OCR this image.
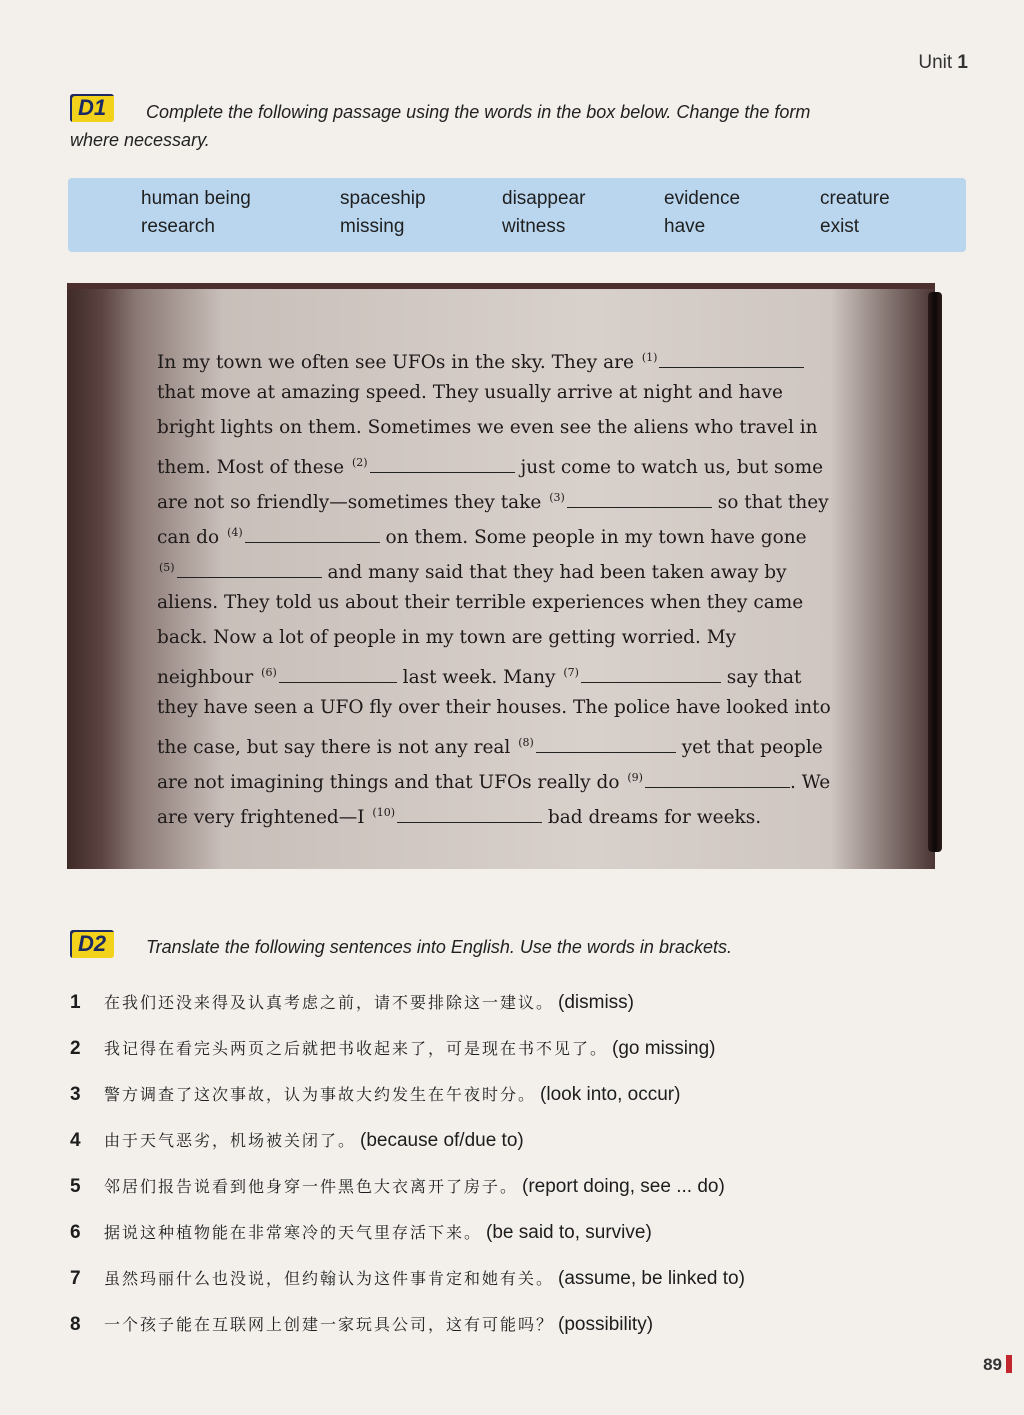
Unit 1
D1	Complete the following passage using the words in the box below. Change the form
where necessary.
human being	spaceship	disappear	evidence	creature
research	missing	witness	have	exist
In my town we often see UFOs in the sky. They are $^{(1)}$
that move at amazing speed. They usually arrive at night and have
bright lights on them. Sometimes we even see the aliens who travel in
them. Most of these $^{(2)}$	just come to watch us, but some
are not so friendly—sometimes they take $^{(3)}$	so that they
can do $^{(4)}$	on them. Some people in my town have gone
$^{(5)}$	and many said that they had been taken away by
aliens. They told us about their terrible experiences when they came
back. Now a lot of people in my town are getting worried. My
neighbour $^{(6)}$	last week. Many $^{(7)}$	say that
they have seen a UFO fly over their houses. The police have looked into
the case, but say there is not any real $^{(8)}$	yet that people
are not imagining things and that UFOs really do $^{(9)}$	. We
are very frightened—I $^{(10)}$	bad dreams for weeks.
D2	Translate the following sentences into English. Use the words in brackets.
1 在我们还没来得及认真考虑之前，请不要排除这一建议。 (dismiss)
2 我记得在看完头两页之后就把书收起来了，可是现在书不见了。 (go missing)
3 警方调查了这次事故，认为事故大约发生在午夜时分。 (look into, occur)
4 由于天气恶劣，机场被关闭了。 (because of/due to)
5 邻居们报告说看到他身穿一件黑色大衣离开了房子。 (report doing, see ... do)
6 据说这种植物能在非常寒冷的天气里存活下来。 (be said to, survive)
7 虽然玛丽什么也没说，但约翰认为这件事肯定和她有关。 (assume, be linked to)
8 一个孩子能在互联网上创建一家玩具公司，这有可能吗？ (possibility)
89
